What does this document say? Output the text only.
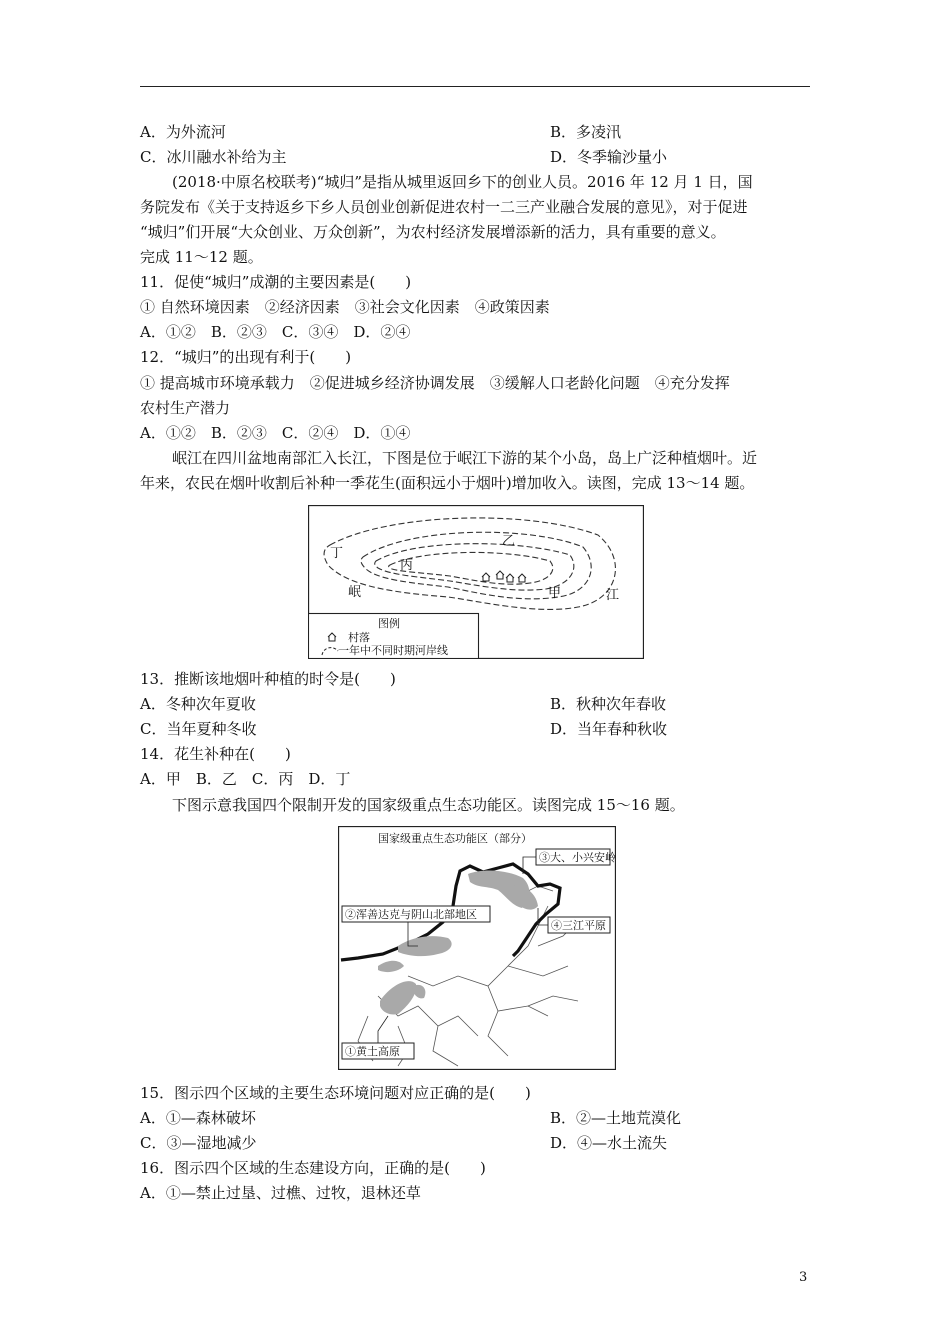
A．为外流河	B．多凌汛
C．冰川融水补给为主	D．冬季输沙量小
(2018·中原名校联考)“城归”是指从城里返回乡下的创业人员。2016 年 12 月 1 日，国
务院发布《关于支持返乡下乡人员创业创新促进农村一二三产业融合发展的意见》，对于促进
“城归”们开展“大众创业、万众创新”，为农村经济发展增添新的活力，具有重要的意义。
完成 11～12 题。
11．促使“城归”成潮的主要因素是(　　)
① 自然环境因素　②经济因素　③社会文化因素　④政策因素
A．①②　B．②③　C．③④　D．②④
12．“城归”的出现有利于(　　)
① 提高城市环境承载力　②促进城乡经济协调发展　③缓解人口老龄化问题　④充分发挥
农村生产潜力
A．①②　B．②③　C．②④　D．①④
岷江在四川盆地南部汇入长江，下图是位于岷江下游的某个小岛，岛上广泛种植烟叶。近
年来，农民在烟叶收割后补种一季花生(面积远小于烟叶)增加收入。读图，完成 13～14 题。
丁
乙
丙
甲
岷	江
图例
村落
一年中不同时期河岸线
13．推断该地烟叶种植的时令是(　　)
A．冬种次年夏收	B．秋种次年春收
C．当年夏种冬收	D．当年春种秋收
14．花生补种在(　　)
A．甲　B．乙　C．丙　D．丁
下图示意我国四个限制开发的国家级重点生态功能区。读图完成 15～16 题。
国家级重点生态功能区（部分）
③大、小兴安岭
②浑善达克与阴山北部地区
④三江平原
①黄土高原
15．图示四个区域的主要生态环境问题对应正确的是(　　)
A．①—森林破坏	B．②—土地荒漠化
C．③—湿地减少	D．④—水土流失
16．图示四个区域的生态建设方向，正确的是(　　)
A．①—禁止过垦、过樵、过牧，退林还草
3
